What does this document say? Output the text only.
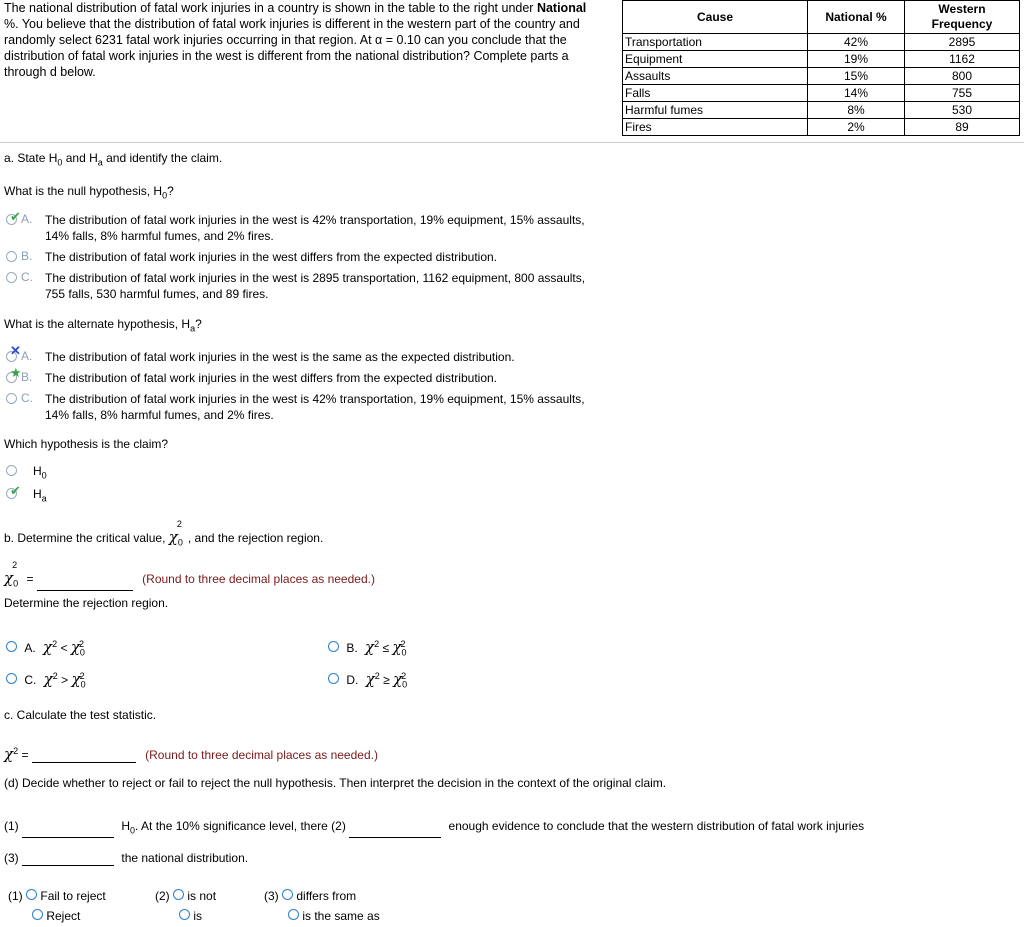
The national distribution of fatal work injuries in a country is shown in the table to the right under National
%. You believe that the distribution of fatal work injuries is different in the western part of the country and
randomly select 6231 fatal work injuries occurring in that region. At α = 0.10 can you conclude that the
distribution of fatal work injuries in the west is different from the national distribution? Complete parts a
through d below.
Cause	National %	Western Frequency
Transportation	42%	2895
Equipment	19%	1162
Assaults	15%	800
Falls	14%	755
Harmful fumes	8%	530
Fires	2%	89
a. State $H_0$ and $H_a$ and identify the claim.
What is the null hypothesis, $H_0$?
A.	The distribution of fatal work injuries in the west is 42% transportation, 19% equipment, 15% assaults,
14% falls, 8% harmful fumes, and 2% fires.
✔
B.	The distribution of fatal work injuries in the west differs from the expected distribution.
C.	The distribution of fatal work injuries in the west is 2895 transportation, 1162 equipment, 800 assaults,
755 falls, 530 harmful fumes, and 89 fires.
What is the alternate hypothesis, $H_a$?
A.	The distribution of fatal work injuries in the west is the same as the expected distribution.
✕
B.	The distribution of fatal work injuries in the west differs from the expected distribution.
★
C.	The distribution of fatal work injuries in the west is 42% transportation, 19% equipment, 15% assaults,
14% falls, 8% harmful fumes, and 2% fires.
Which hypothesis is the claim?
$H_0$
$H_a$
✔
b. Determine the critical value, $\chi_0^2$, and the rejection region.
$\chi_0^2$ =	(Round to three decimal places as needed.)
Determine the rejection region.
A. $\chi^2 < \chi_0^2$
C. $\chi^2 > \chi_0^2$
B. $\chi^2 \le \chi_0^2$
D. $\chi^2 \ge \chi_0^2$
c. Calculate the test statistic.
$\chi^2$ =	(Round to three decimal places as needed.)
(d) Decide whether to reject or fail to reject the null hypothesis. Then interpret the decision in the context of the original claim.
(1)	$H_0$. At the 10% significance level, there (2)	enough evidence to conclude that the western distribution of fatal work injuries
(3)	the national distribution.
(1) Fail to reject
Reject
(2) is not
is
(3) differs from
is the same as
